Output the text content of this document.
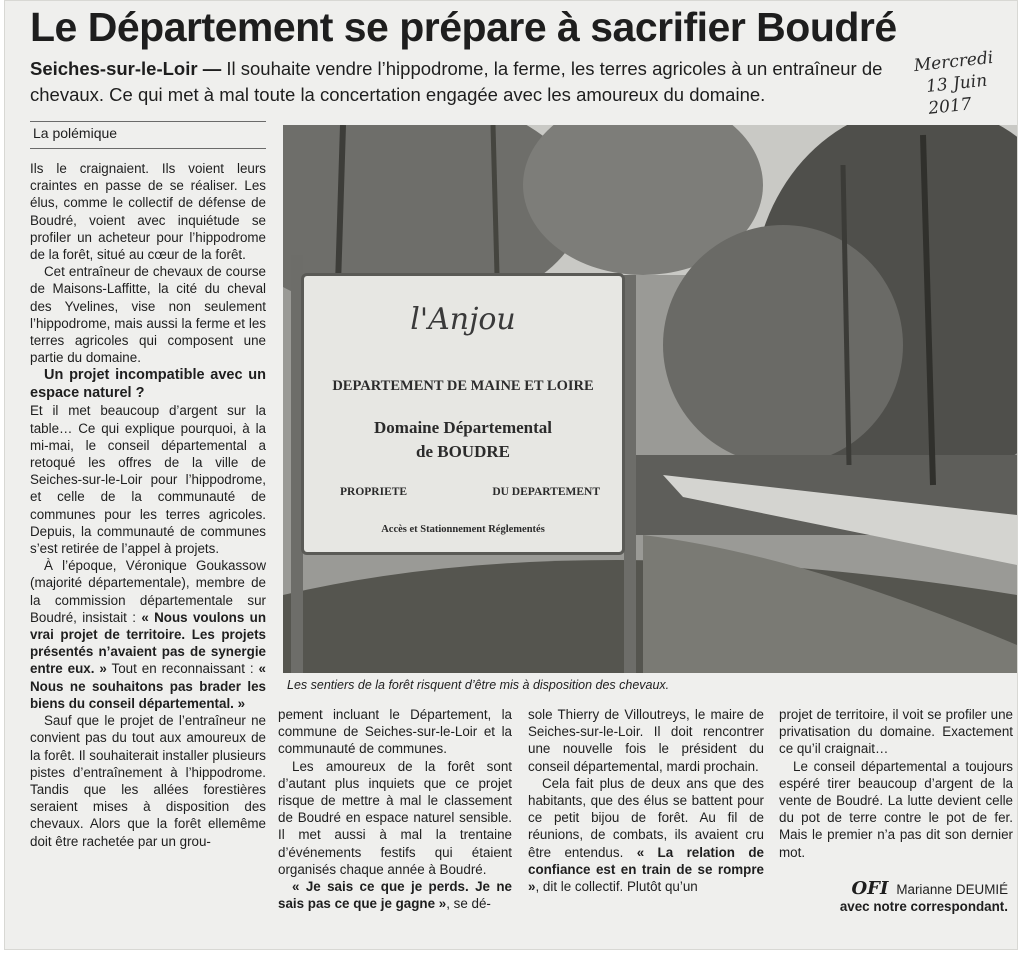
Le Département se prépare à sacrifier Boudré
Seiches-sur-le-Loir — Il souhaite vendre l’hippodrome, la ferme, les terres agricoles à un entraîneur de chevaux. Ce qui met à mal toute la concertation engagée avec les amoureux du domaine.
Mercredi
13 Juin
2017
La polémique

Ils le craignaient. Ils voient leurs craintes en passe de se réaliser. Les élus, comme le collectif de défense de Boudré, voient avec inquiétude se profiler un acheteur pour l’hippodrome de la forêt, situé au cœur de la forêt.

Cet entraîneur de chevaux de course de Maisons-Laffitte, la cité du cheval des Yvelines, vise non seulement l’hippodrome, mais aussi la ferme et les terres agricoles qui composent une partie du domaine.

Un projet incompatible avec un espace naturel ?

Et il met beaucoup d’argent sur la table… Ce qui explique pourquoi, à la mi-mai, le conseil départemental a retoqué les offres de la ville de Seiches-sur-le-Loir pour l’hippodrome, et celle de la communauté de communes pour les terres agricoles. Depuis, la communauté de communes s’est retirée de l’appel à projets.

À l’époque, Véronique Goukassow (majorité départementale), membre de la commission départementale sur Boudré, insistait : « Nous voulons un vrai projet de territoire. Les projets présentés n’avaient pas de synergie entre eux. » Tout en reconnaissant : « Nous ne souhaitons pas brader les biens du conseil départemental. »

Sauf que le projet de l’entraîneur ne convient pas du tout aux amoureux de la forêt. Il souhaiterait installer plusieurs pistes d’entraînement à l’hippodrome. Tandis que les allées forestières seraient mises à disposition des chevaux. Alors que la forêt ellemême doit être rachetée par un grou-

l'Anjou
DEPARTEMENT DE MAINE ET LOIRE
Domaine Départemental
de BOUDRE
PROPRIETE	DU DEPARTEMENT
Accès et Stationnement Réglementés
Les sentiers de la forêt risquent d’être mis à disposition des chevaux.

pement incluant le Département, la commune de Seiches-sur-le-Loir et la communauté de communes.

Les amoureux de la forêt sont d’autant plus inquiets que ce projet risque de mettre à mal le classement de Boudré en espace naturel sensible. Il met aussi à mal la trentaine d’événements festifs qui étaient organisés chaque année à Boudré.

« Je sais ce que je perds. Je ne sais pas ce que je gagne », se dé-

sole Thierry de Villoutreys, le maire de Seiches-sur-le-Loir. Il doit rencontrer une nouvelle fois le président du conseil départemental, mardi prochain.

Cela fait plus de deux ans que des habitants, que des élus se battent pour ce petit bijou de forêt. Au fil de réunions, de combats, ils avaient cru être entendus. « La relation de confiance est en train de se rompre », dit le collectif. Plutôt qu’un

projet de territoire, il voit se profiler une privatisation du domaine. Exactement ce qu’il craignait…

Le conseil départemental a toujours espéré tirer beaucoup d’argent de la vente de Boudré. La lutte devient celle du pot de terre contre le pot de fer. Mais le premier n’a pas dit son dernier mot.

OFI Marianne DEUMIÉ
avec notre correspondant.
